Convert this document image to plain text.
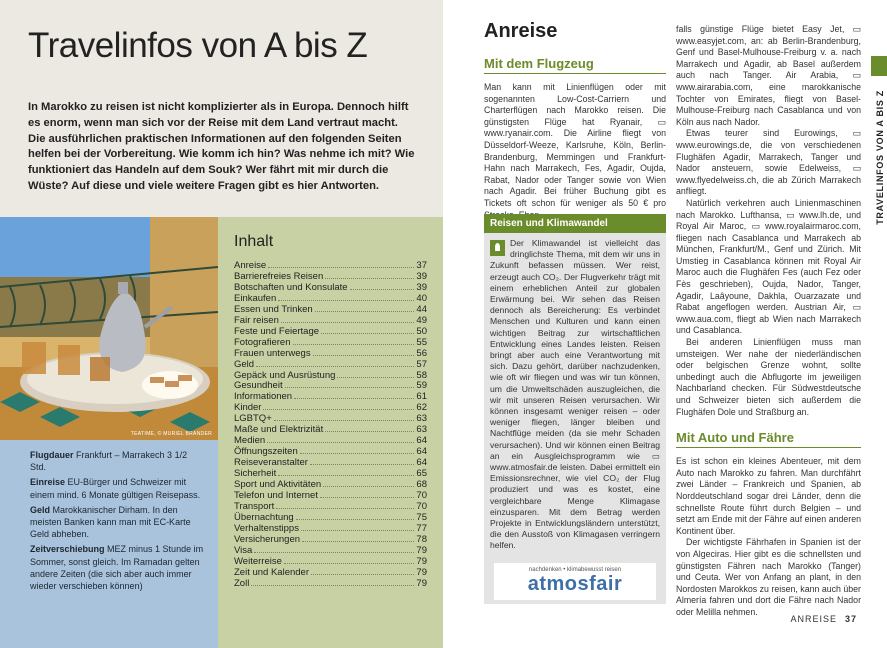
Travelinfos von A bis Z

In Marokko zu reisen ist nicht komplizierter als in Europa. Dennoch hilft es enorm, wenn man sich vor der Reise mit dem Land vertraut macht. Die ausführlichen praktischen Informationen auf den folgenden Seiten helfen bei der Vorbereitung. Wie komm ich hin? Was nehme ich mit? Wie funktioniert das Handeln auf dem Souk? Wer fährt mit mir durch die Wüste? Auf diese und viele weitere Fragen gibt es hier Antworten.

TEATIME, © MURIEL BRANDER

Flugdauer Frankfurt – Marrakech 3 1/2 Std.

Einreise EU-Bürger und Schweizer mit einem mind. 6 Monate gültigen Reisepass.

Geld Marokkanischer Dirham. In den meisten Banken kann man mit EC-Karte Geld abheben.

Zeitverschiebung MEZ minus 1 Stunde im Sommer, sonst gleich. Im Ramadan gelten andere Zeiten (die sich aber auch immer wieder verschieben können)

Inhalt
Anreise	37
Barrierefreies Reisen	39
Botschaften und Konsulate	39
Einkaufen	40
Essen und Trinken	44
Fair reisen	49
Feste und Feiertage	50
Fotografieren	55
Frauen unterwegs	56
Geld	57
Gepäck und Ausrüstung	58
Gesundheit	59
Informationen	61
Kinder	62
LGBTQ+	63
Maße und Elektrizität	63
Medien	64
Öffnungszeiten	64
Reiseveranstalter	64
Sicherheit	65
Sport und Aktivitäten	68
Telefon und Internet	70
Transport	70
Übernachtung	75
Verhaltenstipps	77
Versicherungen	78
Visa	79
Weiterreise	79
Zeit und Kalender	79
Zoll	79
Anreise
Mit dem Flugzeug

Man kann mit Linienflügen oder mit sogenannten Low-Cost-Carriern und Charterflügen nach Marokko reisen. Die günstigsten Flüge hat Ryanair, ▭ www.ryanair.com. Die Airline fliegt von Düsseldorf-Weeze, Karlsruhe, Köln, Berlin-Brandenburg, Memmingen und Frankfurt-Hahn nach Marrakech, Fes, Agadir, Oujda, Rabat, Nador oder Tanger sowie von Wien nach Agadir. Bei früher Buchung gibt es Tickets oft schon für weniger als 50 € pro

Reisen und Klimawandel
Der Klimawandel ist vielleicht das dringlichste Thema, mit dem wir uns in Zukunft befassen müssen. Wer reist, erzeugt auch CO₂. Der Flugverkehr trägt mit einem erheblichen Anteil zur globalen Erwärmung bei. Wir sehen das Reisen dennoch als Bereicherung: Es verbindet Menschen und Kulturen und kann einen wichtigen Beitrag zur wirtschaftlichen Entwicklung eines Landes leisten. Reisen bringt aber auch eine Verantwortung mit sich. Dazu gehört, darüber nachzudenken, wie oft wir fliegen und was wir tun können, um die Umweltschäden auszugleichen, die wir mit unseren Reisen verursachen. Wir können insgesamt weniger reisen – oder weniger fliegen, länger bleiben und Nachtflüge meiden (da sie mehr Schaden verursachen). Und wir können einen Beitrag an ein Ausgleichsprogramm wie ▭ www.atmosfair.de leisten. Dabei ermittelt ein Emissionsrechner, wie viel CO₂ der Flug produziert und was es kostet, eine vergleichbare Menge Klimagase einzusparen. Mit dem Betrag werden Projekte in Entwicklungsländern unterstützt, die den Ausstoß von Klimagasen verringern helfen.
nachdenken • klimabewusst reisen
atmosfair

falls günstige Flüge bietet Easy Jet, ▭ www.easyjet.com, an: ab Berlin-Brandenburg, Genf und Basel-Mulhouse-Freiburg v. a. nach Marrakech und Agadir, ab Basel außerdem auch nach Tanger. Air Arabia, ▭ www.airarabia.com, eine marokkanische Tochter von Emirates, fliegt von Basel-Mulhouse-Freiburg nach Casablanca und von Köln aus nach Nador.

Etwas teurer sind Eurowings, ▭ www.eurowings.de, die von verschiedenen Flughäfen Agadir, Marrakech, Tanger und Nador ansteuern, sowie Edelweiss, ▭ www.flyedelweiss.ch, die ab Zürich Marrakech anfliegt.

Natürlich verkehren auch Linienmaschinen nach Marokko. Lufthansa, ▭ www.lh.de, und Royal Air Maroc, ▭ www.royalairmaroc.com, fliegen nach Casablanca und Marrakech ab München, Frankfurt/M., Genf und Zürich. Mit Umstieg in Casablanca können mit Royal Air Maroc auch die Flughäfen Fes (auch Fez oder Fès geschrieben), Oujda, Nador, Tanger, Agadir, Laâyoune, Dakhla, Ouarzazate und Rabat angeflogen werden. Austrian Air, ▭ www.aua.com, fliegt ab Wien nach Marrakech und Casablanca.

Bei anderen Linienflügen muss man umsteigen. Wer nahe der niederländischen oder belgischen Grenze wohnt, sollte unbedingt auch die Abflugorte im jeweiligen Nachbarland checken. Für Südwestdeutsche und Schweizer bieten sich außerdem die Flughäfen Dole und Straßburg an.

Mit Auto und Fähre

Es ist schon ein kleines Abenteuer, mit dem Auto nach Marokko zu fahren. Man durchfährt zwei Länder – Frankreich und Spanien, ab Norddeutschland sogar drei Länder, denn die schnellste Route führt durch Belgien – und setzt am Ende mit der Fähre auf einen anderen Kontinent über.

Der wichtigste Fährhafen in Spanien ist der von Algeciras. Hier gibt es die schnellsten und günstigsten Fähren nach Marokko (Tanger) und Ceuta. Wer von Anfang an plant, in den Nordosten Marokkos zu reisen, kann auch über Almería fahren und dort die Fähre nach Nador oder Melilla nehmen.

TRAVELINFOS VON A BIS Z
ANREISE 37
